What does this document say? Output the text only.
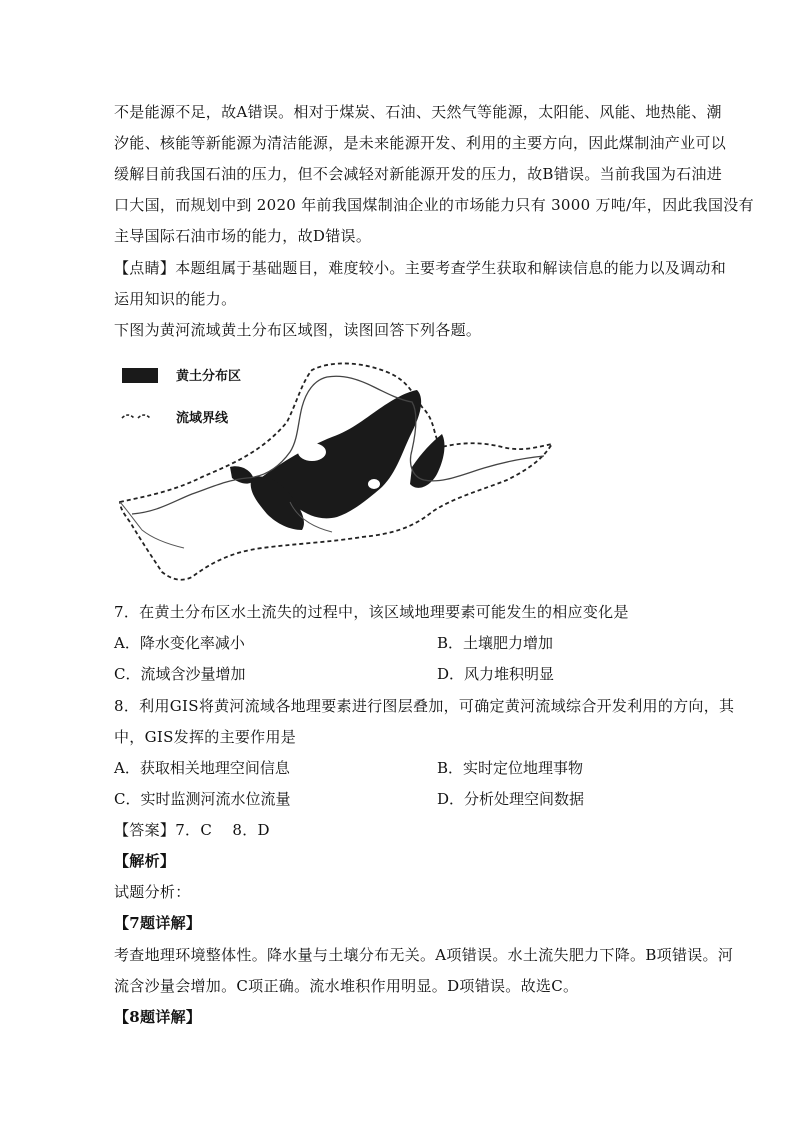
不是能源不足，故A错误。相对于煤炭、石油、天然气等能源，太阳能、风能、地热能、潮
汐能、核能等新能源为清洁能源，是未来能源开发、利用的主要方向，因此煤制油产业可以
缓解目前我国石油的压力，但不会减轻对新能源开发的压力，故B错误。当前我国为石油进
口大国，而规划中到 2020 年前我国煤制油企业的市场能力只有 3000 万吨/年，因此我国没有
主导国际石油市场的能力，故D错误。
【点睛】本题组属于基础题目，难度较小。主要考查学生获取和解读信息的能力以及调动和
运用知识的能力。
下图为黄河流域黄土分布区域图，读图回答下列各题。
黄土分布区
流域界线
7．在黄土分布区水土流失的过程中，该区域地理要素可能发生的相应变化是
A．降水变化率减小	B．土壤肥力增加
C．流域含沙量增加	D．风力堆积明显
8．利用GIS将黄河流域各地理要素进行图层叠加，可确定黄河流域综合开发利用的方向，其
中，GIS发挥的主要作用是
A．获取相关地理空间信息	B．实时定位地理事物
C．实时监测河流水位流量	D．分析处理空间数据
【答案】7．C    8．D
【解析】
试题分析：
【7题详解】
考查地理环境整体性。降水量与土壤分布无关。A项错误。水土流失肥力下降。B项错误。河
流含沙量会增加。C项正确。流水堆积作用明显。D项错误。故选C。
【8题详解】
